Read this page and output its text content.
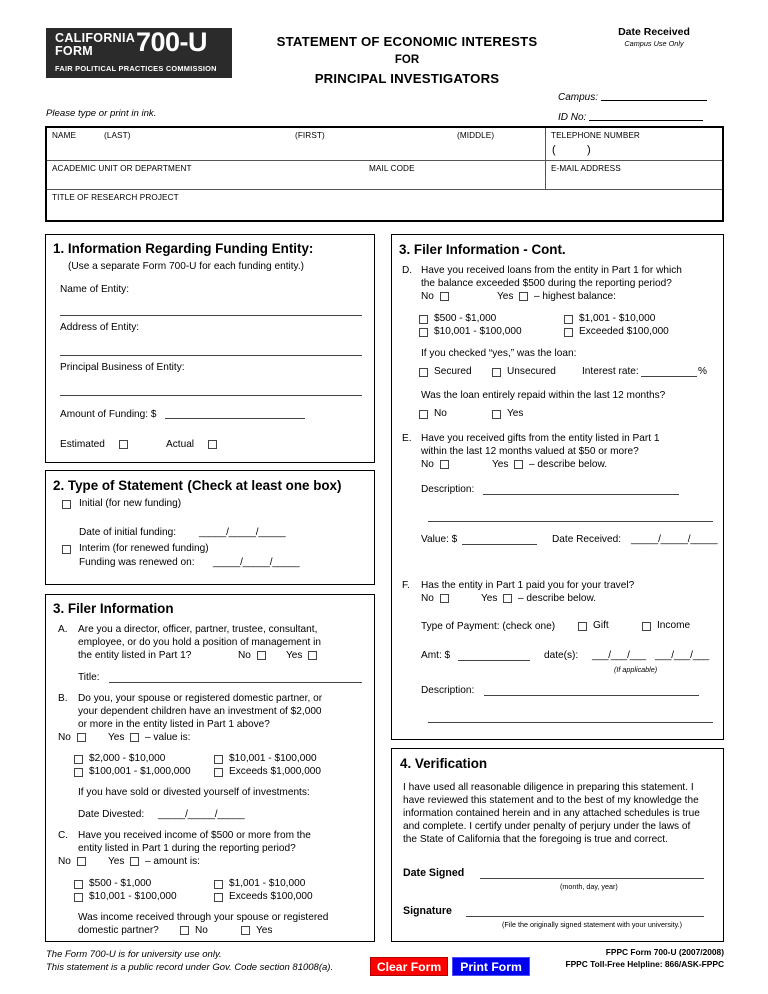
CALIFORNIA
FORM 700-U
FAIR POLITICAL PRACTICES COMMISSION
STATEMENT OF ECONOMIC INTERESTS
FOR
PRINCIPAL INVESTIGATORS
Date Received
Campus Use Only
Campus:
ID No:
Please type or print in ink.
NAME	(LAST)	(FIRST)	(MIDDLE)	TELEPHONE NUMBER
(	)
ACADEMIC UNIT OR DEPARTMENT	MAIL CODE	E-MAIL ADDRESS
TITLE OF RESEARCH PROJECT
1. Information Regarding Funding Entity:
(Use a separate Form 700-U for each funding entity.)
Name of Entity:
Address of Entity:
Principal Business of Entity:
Amount of Funding: $
Estimated	Actual
2. Type of Statement (Check at least one box)
Initial (for new funding)
Date of initial funding: _____/_____/_____
Interim (for renewed funding)
Funding was renewed on: _____/_____/_____
3. Filer Information
A. Are you a director, officer, partner, trustee, consultant,
employee, or do you hold a position of management in
the entity listed in Part 1?	No	Yes
Title:
B. Do you, your spouse or registered domestic partner, or
your dependent children have an investment of $2,000
or more in the entity listed in Part 1 above?
No	Yes – value is:
$2,000 - $10,000	$10,001 - $100,000
$100,001 - $1,000,000	Exceeds $1,000,000
If you have sold or divested yourself of investments:
Date Divested: _____/_____/_____
C. Have you received income of $500 or more from the
entity listed in Part 1 during the reporting period?
No	Yes – amount is:
$500 - $1,000	$1,001 - $10,000
$10,001 - $100,000	Exceeds $100,000
Was income received through your spouse or registered
domestic partner?	No	Yes
3. Filer Information - Cont.
D. Have you received loans from the entity in Part 1 for which
the balance exceeded $500 during the reporting period?
No	Yes – highest balance:
$500 - $1,000	$1,001 - $10,000
$10,001 - $100,000	Exceeded $100,000
If you checked “yes,” was the loan:
Secured	Unsecured	Interest rate:	%
Was the loan entirely repaid within the last 12 months?
No	Yes
E. Have you received gifts from the entity listed in Part 1
within the last 12 months valued at $50 or more?
No	Yes – describe below.
Description:
Value: $	Date Received: _____/_____/_____
F. Has the entity in Part 1 paid you for your travel?
No	Yes – describe below.
Type of Payment: (check one)	Gift	Income
Amt: $	date(s): ___/___/___ ___/___/___
(If applicable)
Description:
4. Verification
I have used all reasonable diligence in preparing this statement. I
have reviewed this statement and to the best of my knowledge the
information contained herein and in any attached schedules is true
and complete. I certify under penalty of perjury under the laws of
the State of California that the foregoing is true and correct.
Date Signed
(month, day, year)
Signature
(File the originally signed statement with your university.)
The Form 700-U is for university use only.
This statement is a public record under Gov. Code section 81008(a).	Clear Form	Print Form
FPPC Form 700-U (2007/2008)
FPPC Toll-Free Helpline: 866/ASK-FPPC
